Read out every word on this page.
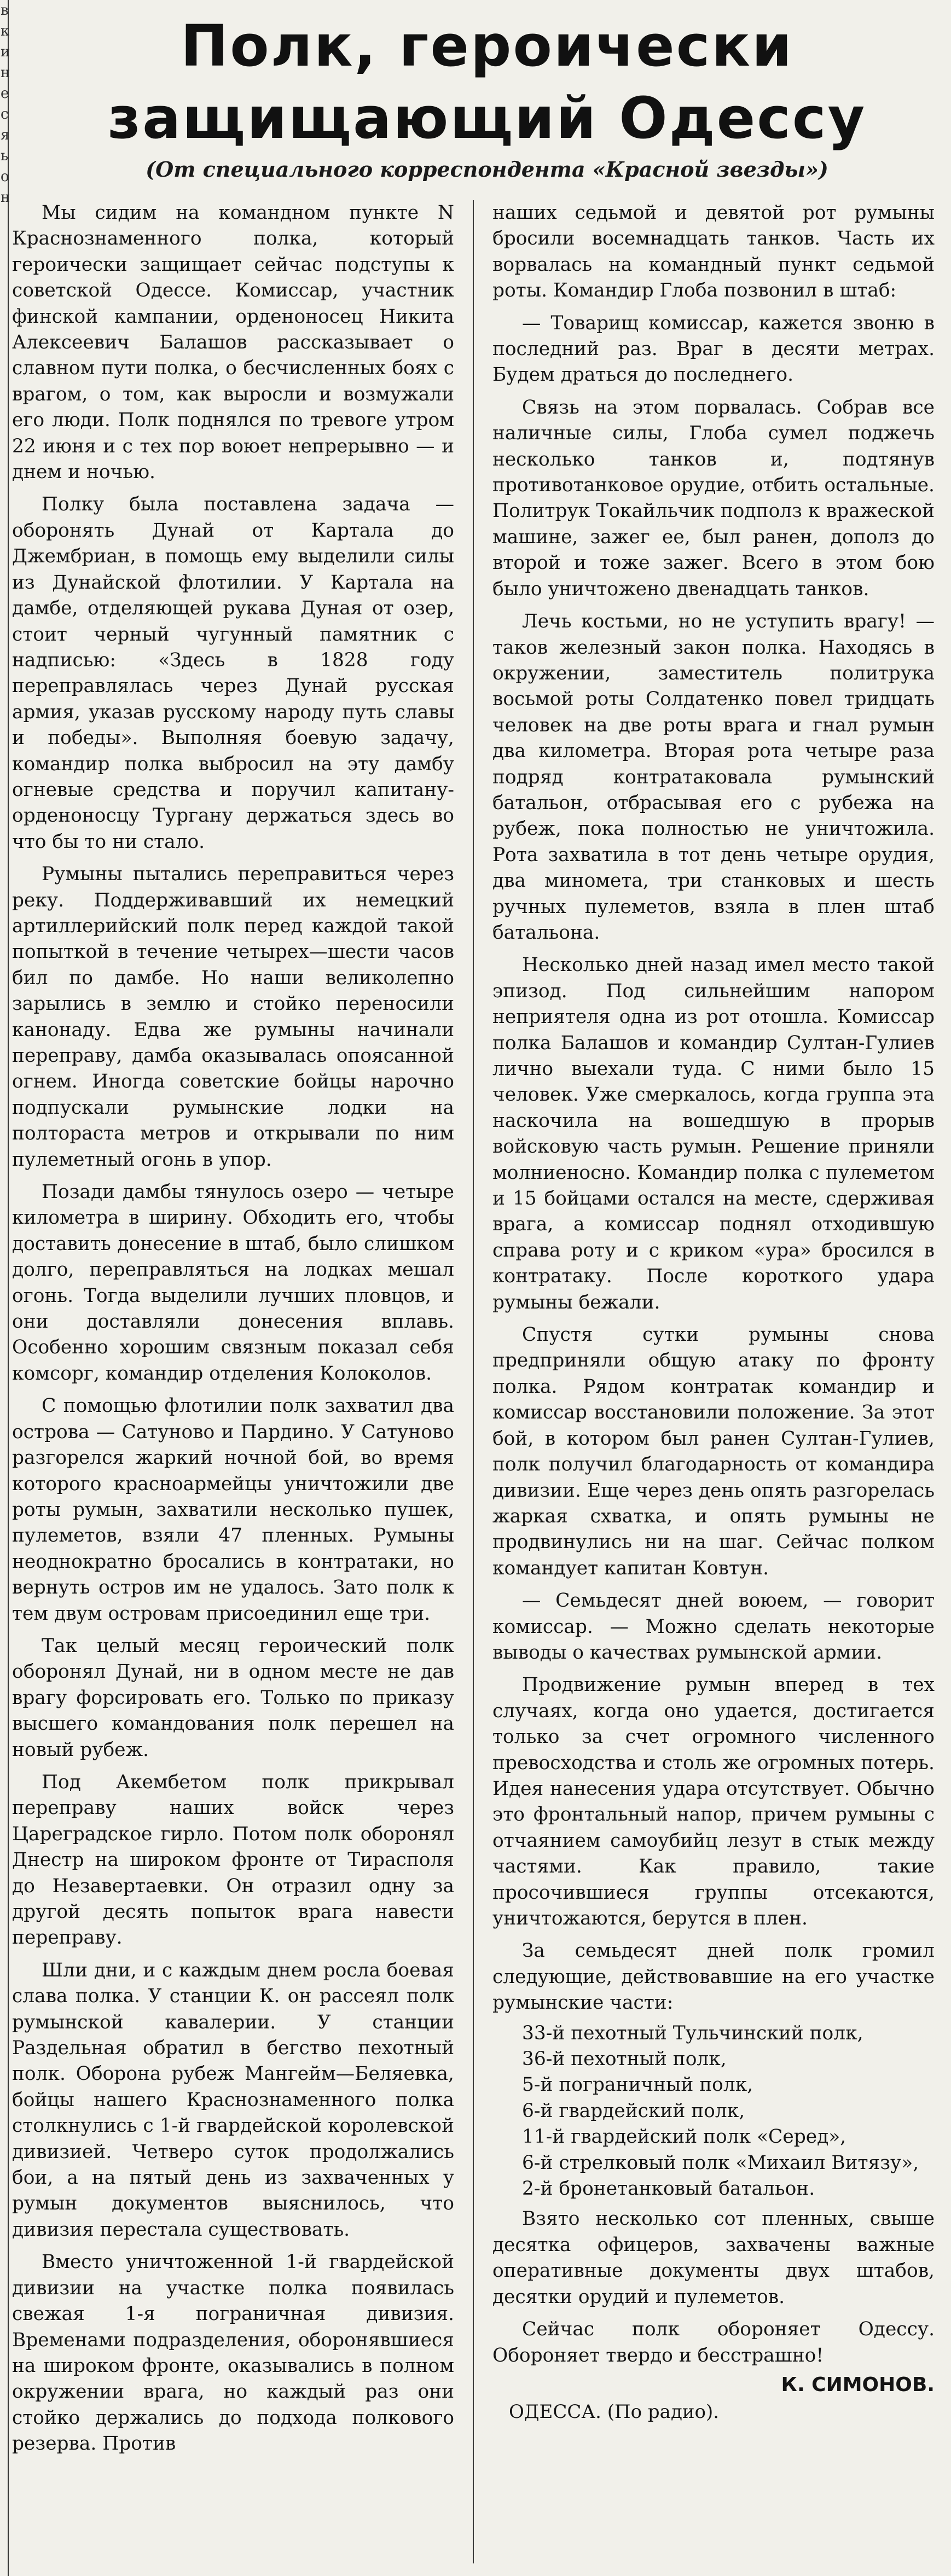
в
к
и
н
е
с
я
ь
о
н
Полк, героически
защищающий Одессу
(От специального корреспондента «Красной звезды»)

Мы сидим на командном пункте N Краснознаменного полка, который героически защищает сейчас подступы к советской Одессе. Комиссар, участник финской кампании, орденоносец Никита Алексеевич Балашов рассказывает о славном пути полка, о бесчисленных боях с врагом, о том, как выросли и возмужали его люди. Полк поднялся по тревоге утром 22 июня и с тех пор воюет непрерывно — и днем и ночью.

Полку была поставлена задача — оборонять Дунай от Картала до Джембриан, в помощь ему выделили силы из Дунайской флотилии. У Картала на дамбе, отделяющей рукава Дуная от озер, стоит черный чугунный памятник с надписью: «Здесь в 1828 году переправлялась через Дунай русская армия, указав русскому народу путь славы и победы». Выполняя боевую задачу, командир полка выбросил на эту дамбу огневые средства и поручил капитану-орденоносцу Тургану держаться здесь во что бы то ни стало.

Румыны пытались переправиться через реку. Поддерживавший их немецкий артиллерийский полк перед каждой такой попыткой в течение четырех—шести часов бил по дамбе. Но наши великолепно зарылись в землю и стойко переносили канонаду. Едва же румыны начинали переправу, дамба оказывалась опоясанной огнем. Иногда советские бойцы нарочно подпускали румынские лодки на полтораста метров и открывали по ним пулеметный огонь в упор.

Позади дамбы тянулось озеро — четыре километра в ширину. Обходить его, чтобы доставить донесение в штаб, было слишком долго, переправляться на лодках мешал огонь. Тогда выделили лучших пловцов, и они доставляли донесения вплавь. Особенно хорошим связным показал себя комсорг, командир отделения Колоколов.

С помощью флотилии полк захватил два острова — Сатуново и Пардино. У Сатуново разгорелся жаркий ночной бой, во время которого красноармейцы уничтожили две роты румын, захватили несколько пушек, пулеметов, взяли 47 пленных. Румыны неоднократно бросались в контратаки, но вернуть остров им не удалось. Зато полк к тем двум островам присоединил еще три.

Так целый месяц героический полк оборонял Дунай, ни в одном месте не дав врагу форсировать его. Только по приказу высшего командования полк перешел на новый рубеж.

Под Акембетом полк прикрывал переправу наших войск через Цареградское гирло. Потом полк оборонял Днестр на широком фронте от Тирасполя до Незавертаевки. Он отразил одну за другой десять попыток врага навести переправу.

Шли дни, и с каждым днем росла боевая слава полка. У станции К. он рассеял полк румынской кавалерии. У станции Раздельная обратил в бегство пехотный полк. Оборона рубеж Мангейм—Беляевка, бойцы нашего Краснознаменного полка столкнулись с 1-й гвардейской королевской дивизией. Четверо суток продолжались бои, а на пятый день из захваченных у румын документов выяснилось, что дивизия перестала существовать.

Вместо уничтоженной 1-й гвардейской дивизии на участке полка появилась свежая 1-я пограничная дивизия. Временами подразделения, оборонявшиеся на широком фронте, оказывались в полном окружении врага, но каждый раз они стойко держались до подхода полкового резерва. Против

наших седьмой и девятой рот румыны бросили восемнадцать танков. Часть их ворвалась на командный пункт седьмой роты. Командир Глоба позвонил в штаб:

— Товарищ комиссар, кажется звоню в последний раз. Враг в десяти метрах. Будем драться до последнего.

Связь на этом порвалась. Собрав все наличные силы, Глоба сумел поджечь несколько танков и, подтянув противотанковое орудие, отбить остальные. Политрук Токайльчик подполз к вражеской машине, зажег ее, был ранен, дополз до второй и тоже зажег. Всего в этом бою было уничтожено двенадцать танков.

Лечь костьми, но не уступить врагу! — таков железный закон полка. Находясь в окружении, заместитель политрука восьмой роты Солдатенко повел тридцать человек на две роты врага и гнал румын два километра. Вторая рота четыре раза подряд контратаковала румынский батальон, отбрасывая его с рубежа на рубеж, пока полностью не уничтожила. Рота захватила в тот день четыре орудия, два миномета, три станковых и шесть ручных пулеметов, взяла в плен штаб батальона.

Несколько дней назад имел место такой эпизод. Под сильнейшим напором неприятеля одна из рот отошла. Комиссар полка Балашов и командир Султан-Гулиев лично выехали туда. С ними было 15 человек. Уже смеркалось, когда группа эта наскочила на вошедшую в прорыв войсковую часть румын. Решение приняли молниеносно. Командир полка с пулеметом и 15 бойцами остался на месте, сдерживая врага, а комиссар поднял отходившую справа роту и с криком «ура» бросился в контратаку. После короткого удара румыны бежали.

Спустя сутки румыны снова предприняли общую атаку по фронту полка. Рядом контратак командир и комиссар восстановили положение. За этот бой, в котором был ранен Султан-Гулиев, полк получил благодарность от командира дивизии. Еще через день опять разгорелась жаркая схватка, и опять румыны не продвинулись ни на шаг. Сейчас полком командует капитан Ковтун.

— Семьдесят дней воюем, — говорит комиссар. — Можно сделать некоторые выводы о качествах румынской армии.

Продвижение румын вперед в тех случаях, когда оно удается, достигается только за счет огромного численного превосходства и столь же огромных потерь. Идея нанесения удара отсутствует. Обычно это фронтальный напор, причем румыны с отчаянием самоубийц лезут в стык между частями. Как правило, такие просочившиеся группы отсекаются, уничтожаются, берутся в плен.

За семьдесят дней полк громил следующие, действовавшие на его участке румынские части:

33-й пехотный Тульчинский полк,
36-й пехотный полк,
5-й пограничный полк,
6-й гвардейский полк,
11-й гвардейский полк «Серед»,
6-й стрелковый полк «Михаил Витязу»,
2-й бронетанковый батальон.

Взято несколько сот пленных, свыше десятка офицеров, захвачены важные оперативные документы двух штабов, десятки орудий и пулеметов.

Сейчас полк обороняет Одессу. Обороняет твердо и бесстрашно!

К. СИМОНОВ.
ОДЕССА. (По радио).
